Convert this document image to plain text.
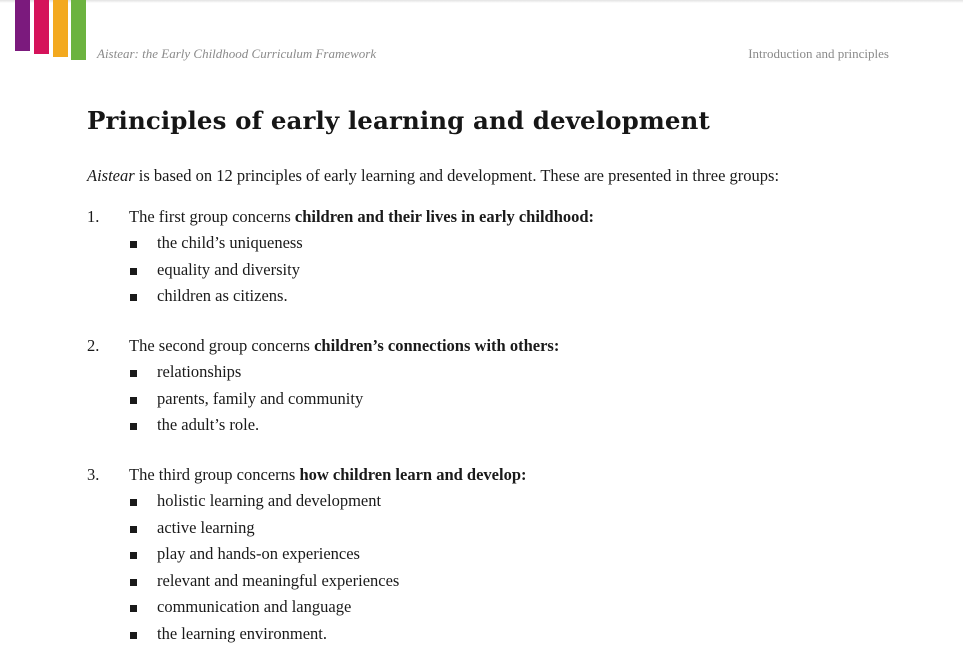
Aistear: the Early Childhood Curriculum Framework	Introduction and principles
Principles of early learning and development

Aistear is based on 12 principles of early learning and development. These are presented in three groups:

1. The first group concerns children and their lives in early childhood:
the child’s uniqueness
equality and diversity
children as citizens.
2. The second group concerns children’s connections with others:
relationships
parents, family and community
the adult’s role.
3. The third group concerns how children learn and develop:
holistic learning and development
active learning
play and hands-on experiences
relevant and meaningful experiences
communication and language
the learning environment.
